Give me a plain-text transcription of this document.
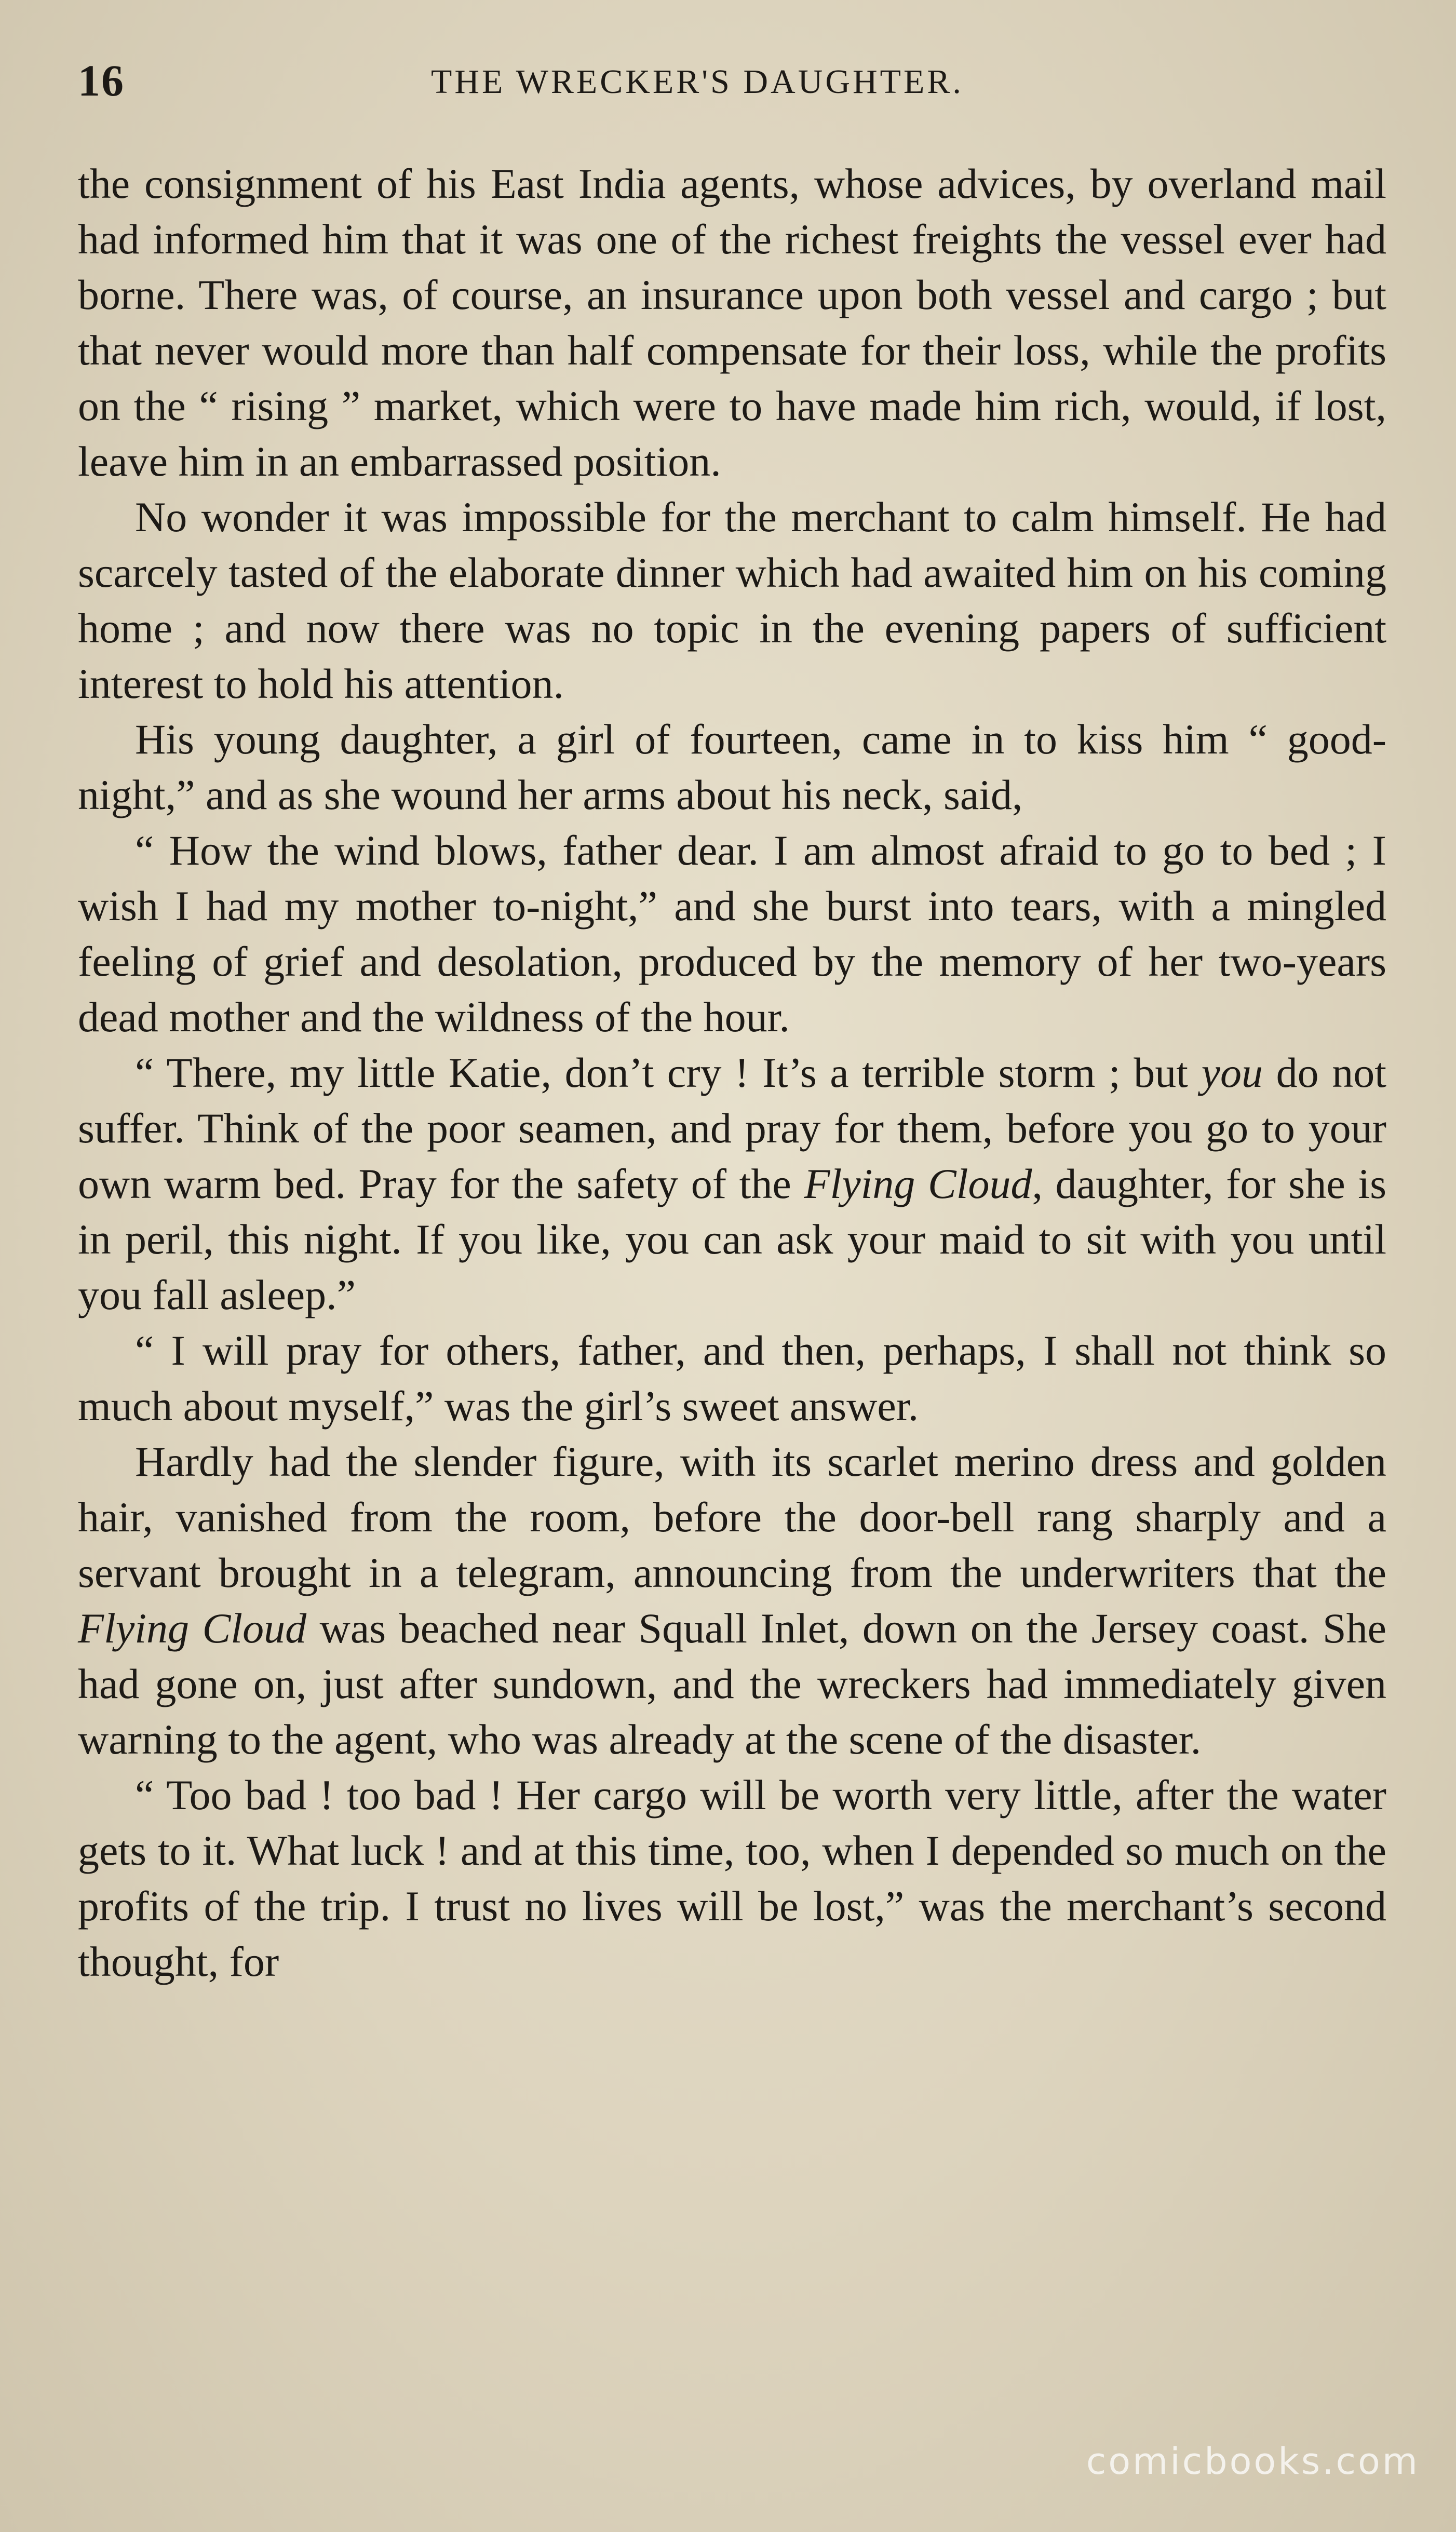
16	THE WRECKER'S DAUGHTER.

the consignment of his East India agents, whose advices, by overland mail had informed him that it was one of the richest freights the vessel ever had borne. There was, of course, an insurance upon both vessel and cargo ; but that never would more than half compensate for their loss, while the profits on the “ rising ” market, which were to have made him rich, would, if lost, leave him in an embarrassed position.

No wonder it was impossible for the merchant to calm himself. He had scarcely tasted of the elaborate dinner which had awaited him on his coming home ; and now there was no topic in the evening papers of sufficient interest to hold his attention.

His young daughter, a girl of fourteen, came in to kiss him “ good-night,” and as she wound her arms about his neck, said,

“ How the wind blows, father dear. I am almost afraid to go to bed ; I wish I had my mother to-night,” and she burst into tears, with a mingled feeling of grief and desolation, produced by the memory of her two-years dead mother and the wildness of the hour.

“ There, my little Katie, don’t cry ! It’s a terrible storm ; but you do not suffer. Think of the poor seamen, and pray for them, before you go to your own warm bed. Pray for the safety of the Flying Cloud, daughter, for she is in peril, this night. If you like, you can ask your maid to sit with you until you fall asleep.”

“ I will pray for others, father, and then, perhaps, I shall not think so much about myself,” was the girl’s sweet answer.

Hardly had the slender figure, with its scarlet merino dress and golden hair, vanished from the room, before the door-bell rang sharply and a servant brought in a telegram, announcing from the underwriters that the Flying Cloud was beached near Squall Inlet, down on the Jersey coast. She had gone on, just after sundown, and the wreckers had immediately given warning to the agent, who was already at the scene of the disaster.

“ Too bad ! too bad ! Her cargo will be worth very little, after the water gets to it. What luck ! and at this time, too, when I depended so much on the profits of the trip. I trust no lives will be lost,” was the merchant’s second thought, for

comicbooks.com
